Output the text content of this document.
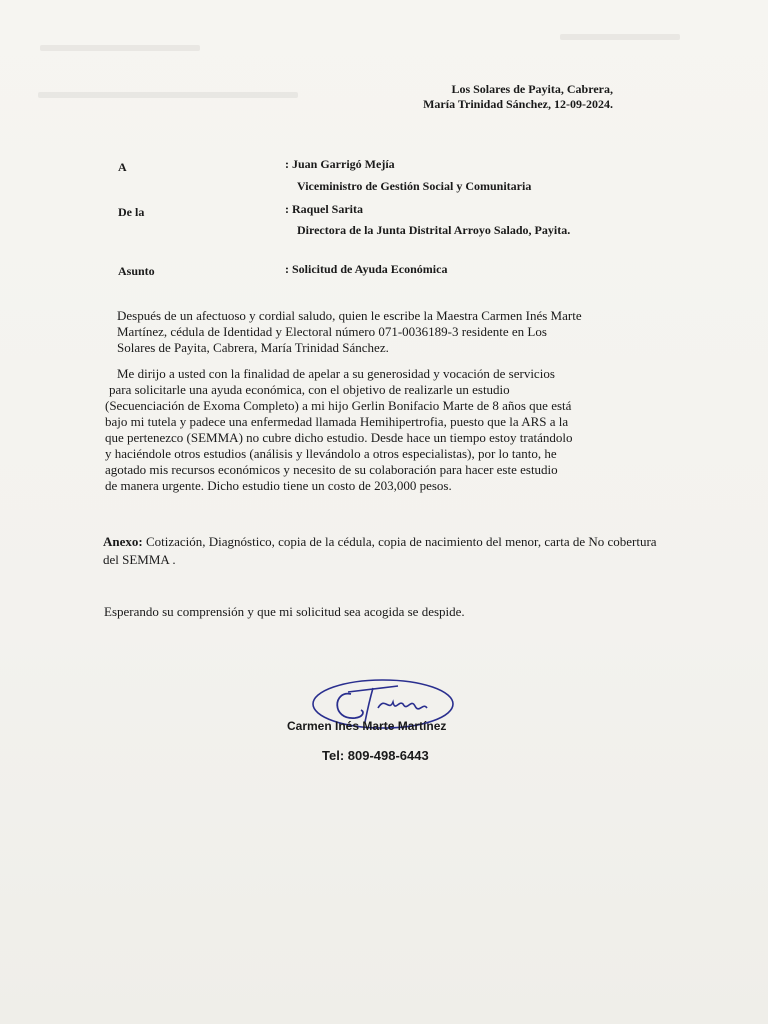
Los Solares de Payita, Cabrera,
María Trinidad Sánchez, 12-09-2024.
A	: Juan Garrigó Mejía
Viceministro de Gestión Social y Comunitaria
De la	: Raquel Sarita
Directora de la Junta Distrital Arroyo Salado, Payita.
Asunto	: Solicitud de Ayuda Económica
Después de un afectuoso y cordial saludo, quien le escribe la Maestra Carmen Inés Marte
Martínez, cédula de Identidad y Electoral número 071-0036189-3 residente en Los
Solares de Payita, Cabrera, María Trinidad Sánchez.
Me dirijo a usted con la finalidad de apelar a su generosidad y vocación de servicios
para solicitarle una ayuda económica, con el objetivo de realizarle un estudio
(Secuenciación de Exoma Completo) a mi hijo Gerlin Bonifacio Marte de 8 años que está
bajo mi tutela y padece una enfermedad llamada Hemihipertrofia, puesto que la ARS a la
que pertenezco (SEMMA) no cubre dicho estudio. Desde hace un tiempo estoy tratándolo
y haciéndole otros estudios (análisis y llevándolo a otros especialistas), por lo tanto, he
agotado mis recursos económicos y necesito de su colaboración para hacer este estudio
de manera urgente. Dicho estudio tiene un costo de 203,000 pesos.
Anexo: Cotización, Diagnóstico, copia de la cédula, copia de nacimiento del menor, carta de No cobertura del SEMMA .
Esperando su comprensión y que mi solicitud sea acogida se despide.
Carmen Inés Marte Martínez
Tel: 809-498-6443
